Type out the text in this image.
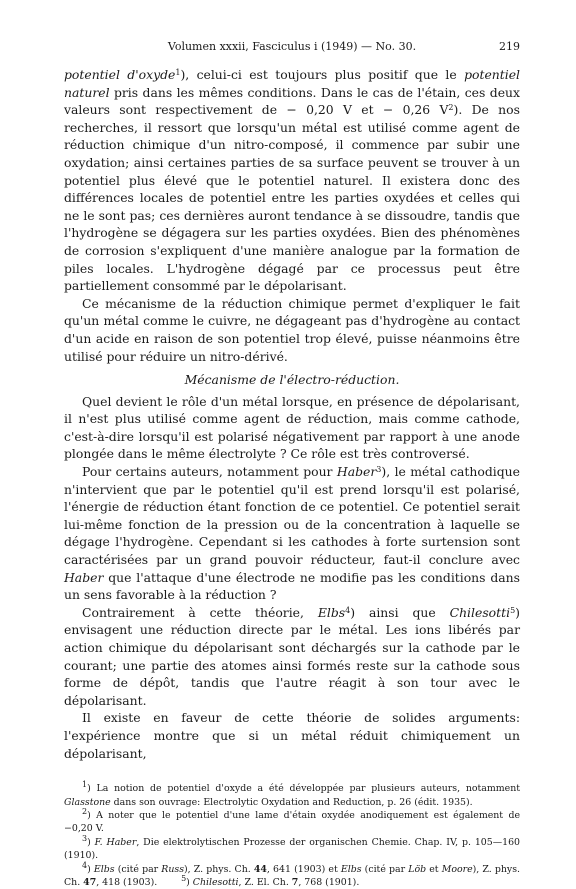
Volumen xxxii, Fasciculus i (1949) — No. 30.	219

potentiel d'oxyde$^1$), celui-ci est toujours plus positif que le potentiel naturel pris dans les mêmes conditions. Dans le cas de l'étain, ces deux valeurs sont respectivement de − 0,20 V et − 0,26 $V^2$). De nos recherches, il ressort que lorsqu'un métal est utilisé comme agent de réduction chimique d'un nitro-composé, il commence par subir une oxydation; ainsi certaines parties de sa surface peuvent se trouver à un potentiel plus élevé que le potentiel naturel. Il existera donc des différences locales de potentiel entre les parties oxydées et celles qui ne le sont pas; ces dernières auront tendance à se dissoudre, tandis que l'hydrogène se dégagera sur les parties oxydées. Bien des phénomènes de corrosion s'expliquent d'une manière analogue par la formation de piles locales. L'hydrogène dégagé par ce processus peut être partiellement consommé par le dépolarisant.

Ce mécanisme de la réduction chimique permet d'expliquer le fait qu'un métal comme le cuivre, ne dégageant pas d'hydrogène au contact d'un acide en raison de son potentiel trop élevé, puisse néanmoins être utilisé pour réduire un nitro-dérivé.

Mécanisme de l'électro-réduction.

Quel devient le rôle d'un métal lorsque, en présence de dépolarisant, il n'est plus utilisé comme agent de réduction, mais comme cathode, c'est-à-dire lorsqu'il est polarisé négativement par rapport à une anode plongée dans le même électrolyte ? Ce rôle est très controversé.

Pour certains auteurs, notamment pour Haber$^3$), le métal cathodique n'intervient que par le potentiel qu'il est prend lorsqu'il est polarisé, l'énergie de réduction étant fonction de ce potentiel. Ce potentiel serait lui-même fonction de la pression ou de la concentration à laquelle se dégage l'hydrogène. Cependant si les cathodes à forte surtension sont caractérisées par un grand pouvoir réducteur, faut-il conclure avec Haber que l'attaque d'une électrode ne modifie pas les conditions dans un sens favorable à la réduction ?

Contrairement à cette théorie, Elbs$^4$) ainsi que Chilesotti$^5$) envisagent une réduction directe par le métal. Les ions libérés par action chimique du dépolarisant sont déchargés sur la cathode par le courant; une partie des atomes ainsi formés reste sur la cathode sous forme de dépôt, tandis que l'autre réagit à son tour avec le dépolarisant.

Il existe en faveur de cette théorie de solides arguments: l'expérience montre que si un métal réduit chimiquement un dépolarisant,

$^1$) La notion de potentiel d'oxyde a été développée par plusieurs auteurs, notamment Glasstone dans son ouvrage: Electrolytic Oxydation and Reduction, p. 26 (édit. 1935).

$^2$) A noter que le potentiel d'une lame d'étain oxydée anodiquement est également de −0,20 V.

$^3$) F. Haber, Die elektrolytischen Prozesse der organischen Chemie. Chap. IV, p. 105—160 (1910).

$^4$) Elbs (cité par Russ), Z. phys. Ch. 44, 641 (1903) et Elbs (cité par Löb et Moore), Z. phys. Ch. 47, 418 (1903).	$^5$) Chilesotti, Z. El. Ch. 7, 768 (1901).
